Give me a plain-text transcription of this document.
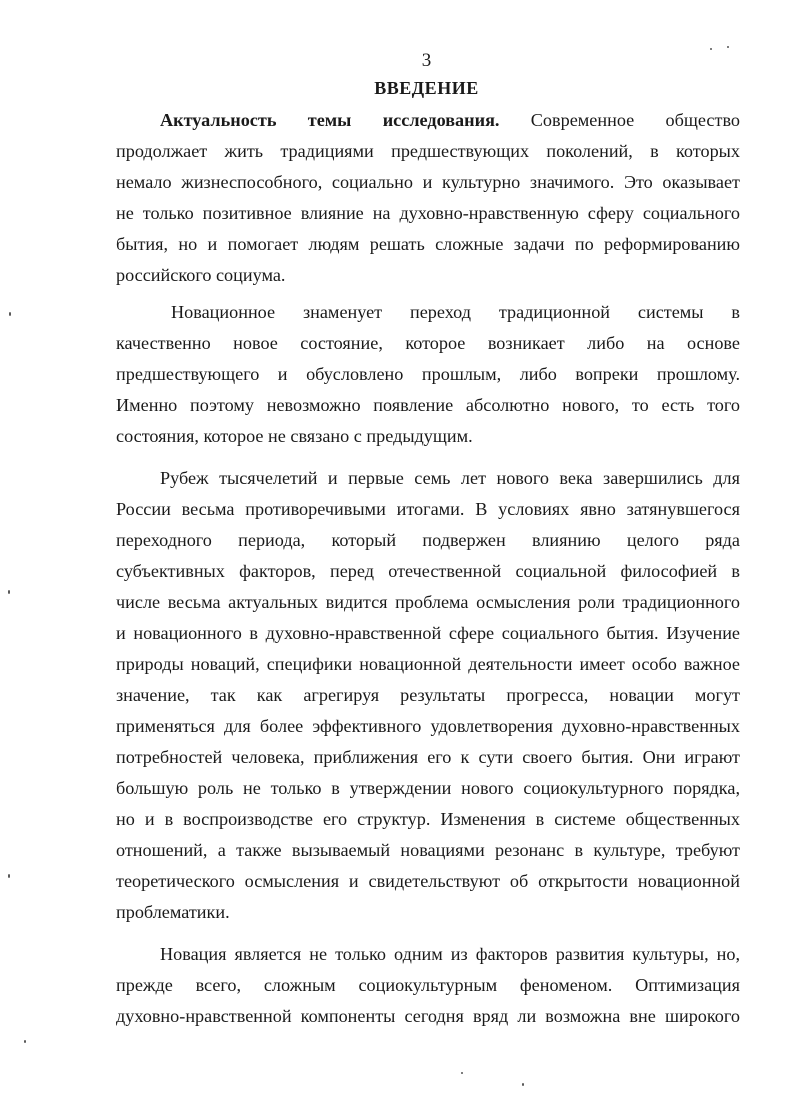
3
ВВЕДЕНИЕ
Актуальность темы исследования. Современное общество
продолжает жить традициями предшествующих поколений, в которых
немало жизнеспособного, социально и культурно значимого. Это оказывает
не только позитивное влияние на духовно-нравственную сферу социального
бытия, но и помогает людям решать сложные задачи по реформированию
российского социума.
Новационное знаменует переход традиционной системы в
качественно новое состояние, которое возникает либо на основе
предшествующего и обусловлено прошлым, либо вопреки прошлому.
Именно поэтому невозможно появление абсолютно нового, то есть того
состояния, которое не связано с предыдущим.
Рубеж тысячелетий и первые семь лет нового века завершились для
России весьма противоречивыми итогами. В условиях явно затянувшегося
переходного периода, который подвержен влиянию целого ряда
субъективных факторов, перед отечественной социальной философией в
числе весьма актуальных видится проблема осмысления роли традиционного
и новационного в духовно-нравственной сфере социального бытия. Изучение
природы новаций, специфики новационной деятельности имеет особо важное
значение, так как агрегируя результаты прогресса, новации могут
применяться для более эффективного удовлетворения духовно-нравственных
потребностей человека, приближения его к сути своего бытия. Они играют
большую роль не только в утверждении нового социокультурного порядка,
но и в воспроизводстве его структур. Изменения в системе общественных
отношений, а также вызываемый новациями резонанс в культуре, требуют
теоретического осмысления и свидетельствуют об открытости новационной
проблематики.
Новация является не только одним из факторов развития культуры, но,
прежде всего, сложным социокультурным феноменом. Оптимизация
духовно-нравственной компоненты сегодня вряд ли возможна вне широкого
